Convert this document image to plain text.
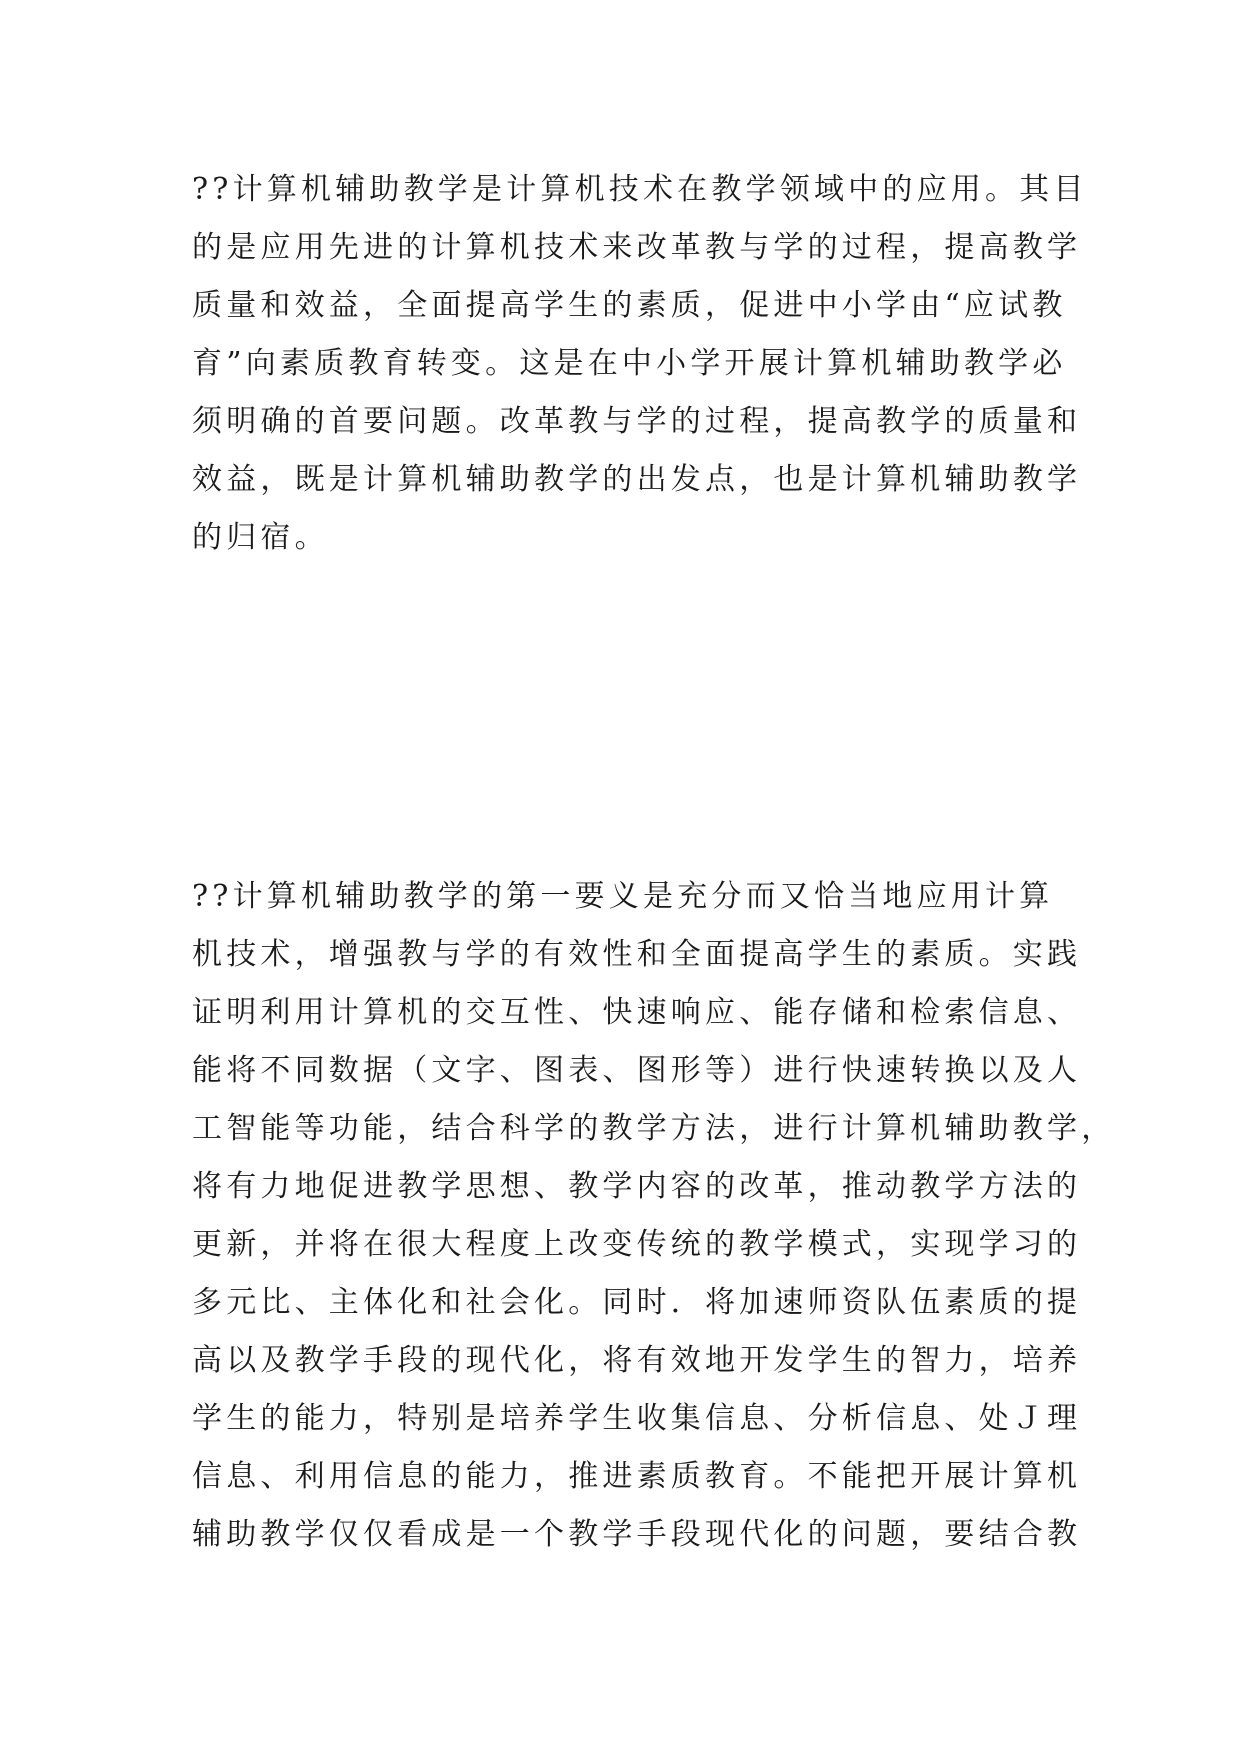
??计算机辅助教学是计算机技术在教学领域中的应用。其目
的是应用先进的计算机技术来改革教与学的过程，提高教学
质量和效益，全面提高学生的素质，促进中小学由“应试教
育”向素质教育转变。这是在中小学开展计算机辅助教学必
须明确的首要问题。改革教与学的过程，提高教学的质量和
效益，既是计算机辅助教学的出发点，也是计算机辅助教学
的归宿。
??计算机辅助教学的第一要义是充分而又恰当地应用计算
机技术，增强教与学的有效性和全面提高学生的素质。实践
证明利用计算机的交互性、快速响应、能存储和检索信息、
能将不同数据（文字、图表、图形等）进行快速转换以及人
工智能等功能，结合科学的教学方法，进行计算机辅助教学，
将有力地促进教学思想、教学内容的改革，推动教学方法的
更新，并将在很大程度上改变传统的教学模式，实现学习的
多元比、主体化和社会化。同时．将加速师资队伍素质的提
高以及教学手段的现代化，将有效地开发学生的智力，培养
学生的能力，特别是培养学生收集信息、分析信息、处Ｊ理
信息、利用信息的能力，推进素质教育。不能把开展计算机
辅助教学仅仅看成是一个教学手段现代化的问题，要结合教
